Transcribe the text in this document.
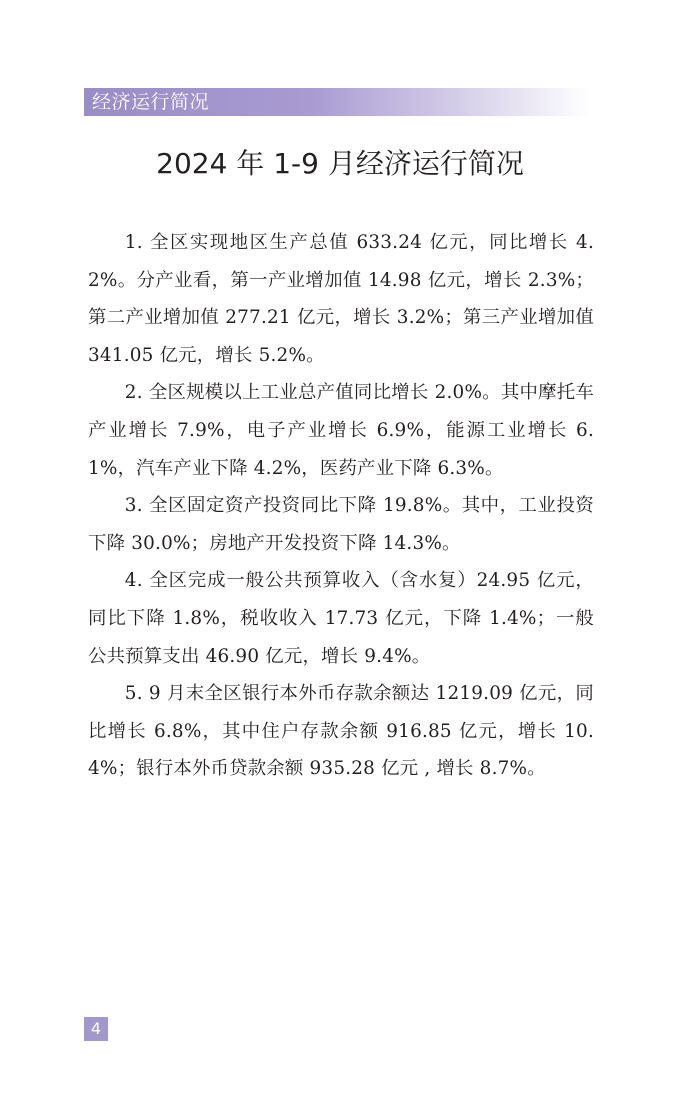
经济运行简况
2024 年 1-9 月经济运行简况

1. 全区实现地区生产总值 633.24 亿元，同比增长 4.2%。分产业看，第一产业增加值 14.98 亿元，增长 2.3%；第二产业增加值 277.21 亿元，增长 3.2%；第三产业增加值 341.05 亿元，增长 5.2%。

2. 全区规模以上工业总产值同比增长 2.0%。其中摩托车产业增长 7.9%，电子产业增长 6.9%，能源工业增长 6.1%，汽车产业下降 4.2%，医药产业下降 6.3%。

3. 全区固定资产投资同比下降 19.8%。其中，工业投资下降 30.0%；房地产开发投资下降 14.3%。

4. 全区完成一般公共预算收入（含水复）24.95 亿元，同比下降 1.8%，税收收入 17.73 亿元，下降 1.4%；一般公共预算支出 46.90 亿元，增长 9.4%。

5. 9 月末全区银行本外币存款余额达 1219.09 亿元，同比增长 6.8%，其中住户存款余额 916.85 亿元，增长 10.4%；银行本外币贷款余额 935.28 亿元 , 增长 8.7%。

4
